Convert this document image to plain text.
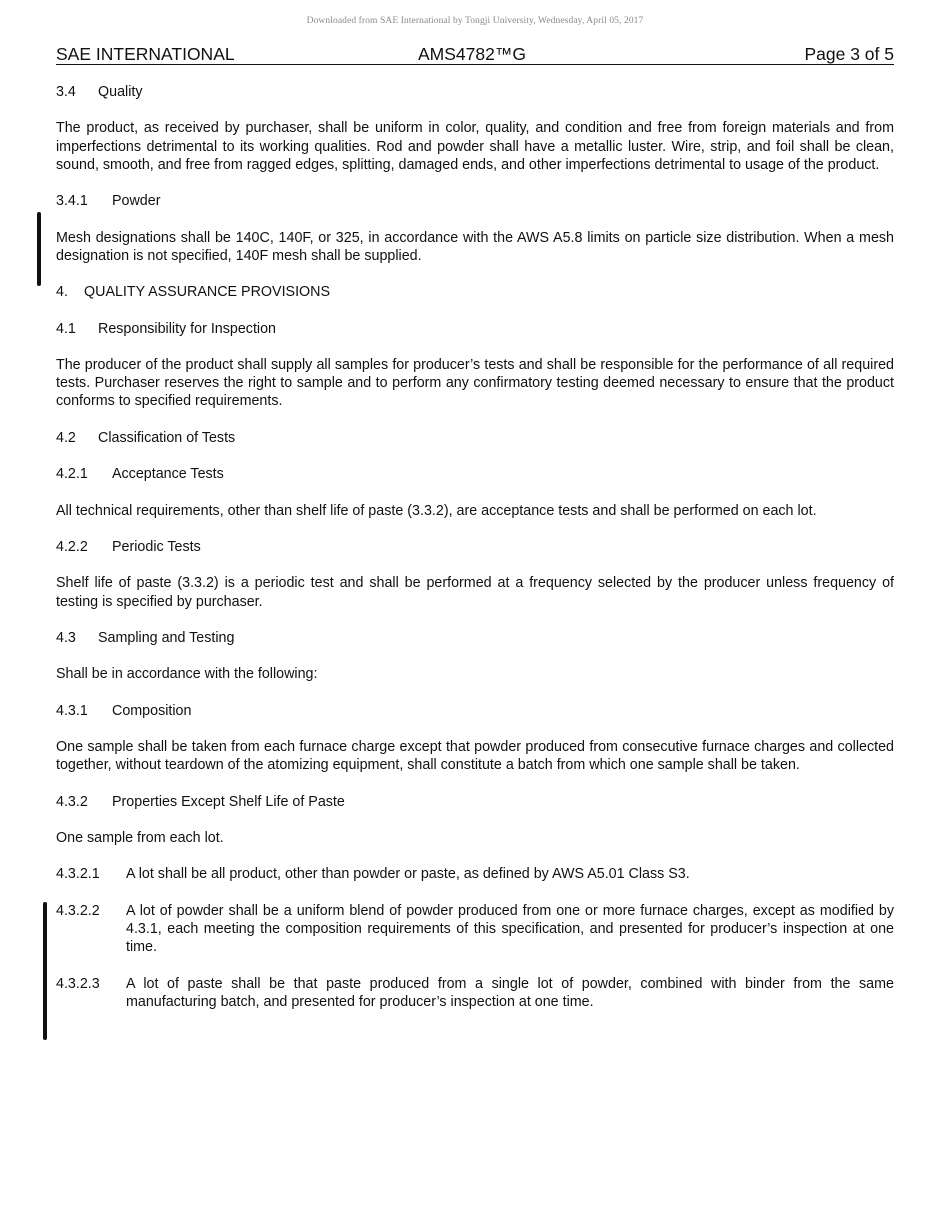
Downloaded from SAE International by Tongji University, Wednesday, April 05, 2017
SAE INTERNATIONAL	AMS4782™G	Page 3 of 5

3.4 Quality

The product, as received by purchaser, shall be uniform in color, quality, and condition and free from foreign materials and from imperfections detrimental to its working qualities. Rod and powder shall have a metallic luster. Wire, strip, and foil shall be clean, sound, smooth, and free from ragged edges, splitting, damaged ends, and other imperfections detrimental to usage of the product.

3.4.1 Powder

Mesh designations shall be 140C, 140F, or 325, in accordance with the AWS A5.8 limits on particle size distribution. When a mesh designation is not specified, 140F mesh shall be supplied.

4. QUALITY ASSURANCE PROVISIONS

4.1 Responsibility for Inspection

The producer of the product shall supply all samples for producer’s tests and shall be responsible for the performance of all required tests. Purchaser reserves the right to sample and to perform any confirmatory testing deemed necessary to ensure that the product conforms to specified requirements.

4.2 Classification of Tests

4.2.1 Acceptance Tests

All technical requirements, other than shelf life of paste (3.3.2), are acceptance tests and shall be performed on each lot.

4.2.2 Periodic Tests

Shelf life of paste (3.3.2) is a periodic test and shall be performed at a frequency selected by the producer unless frequency of testing is specified by purchaser.

4.3 Sampling and Testing

Shall be in accordance with the following:

4.3.1 Composition

One sample shall be taken from each furnace charge except that powder produced from consecutive furnace charges and collected together, without teardown of the atomizing equipment, shall constitute a batch from which one sample shall be taken.

4.3.2 Properties Except Shelf Life of Paste

One sample from each lot.

4.3.2.1	A lot shall be all product, other than powder or paste, as defined by AWS A5.01 Class S3.
4.3.2.2	A lot of powder shall be a uniform blend of powder produced from one or more furnace charges, except as modified by 4.3.1, each meeting the composition requirements of this specification, and presented for producer’s inspection at one time.
4.3.2.3	A lot of paste shall be that paste produced from a single lot of powder, combined with binder from the same manufacturing batch, and presented for producer’s inspection at one time.
